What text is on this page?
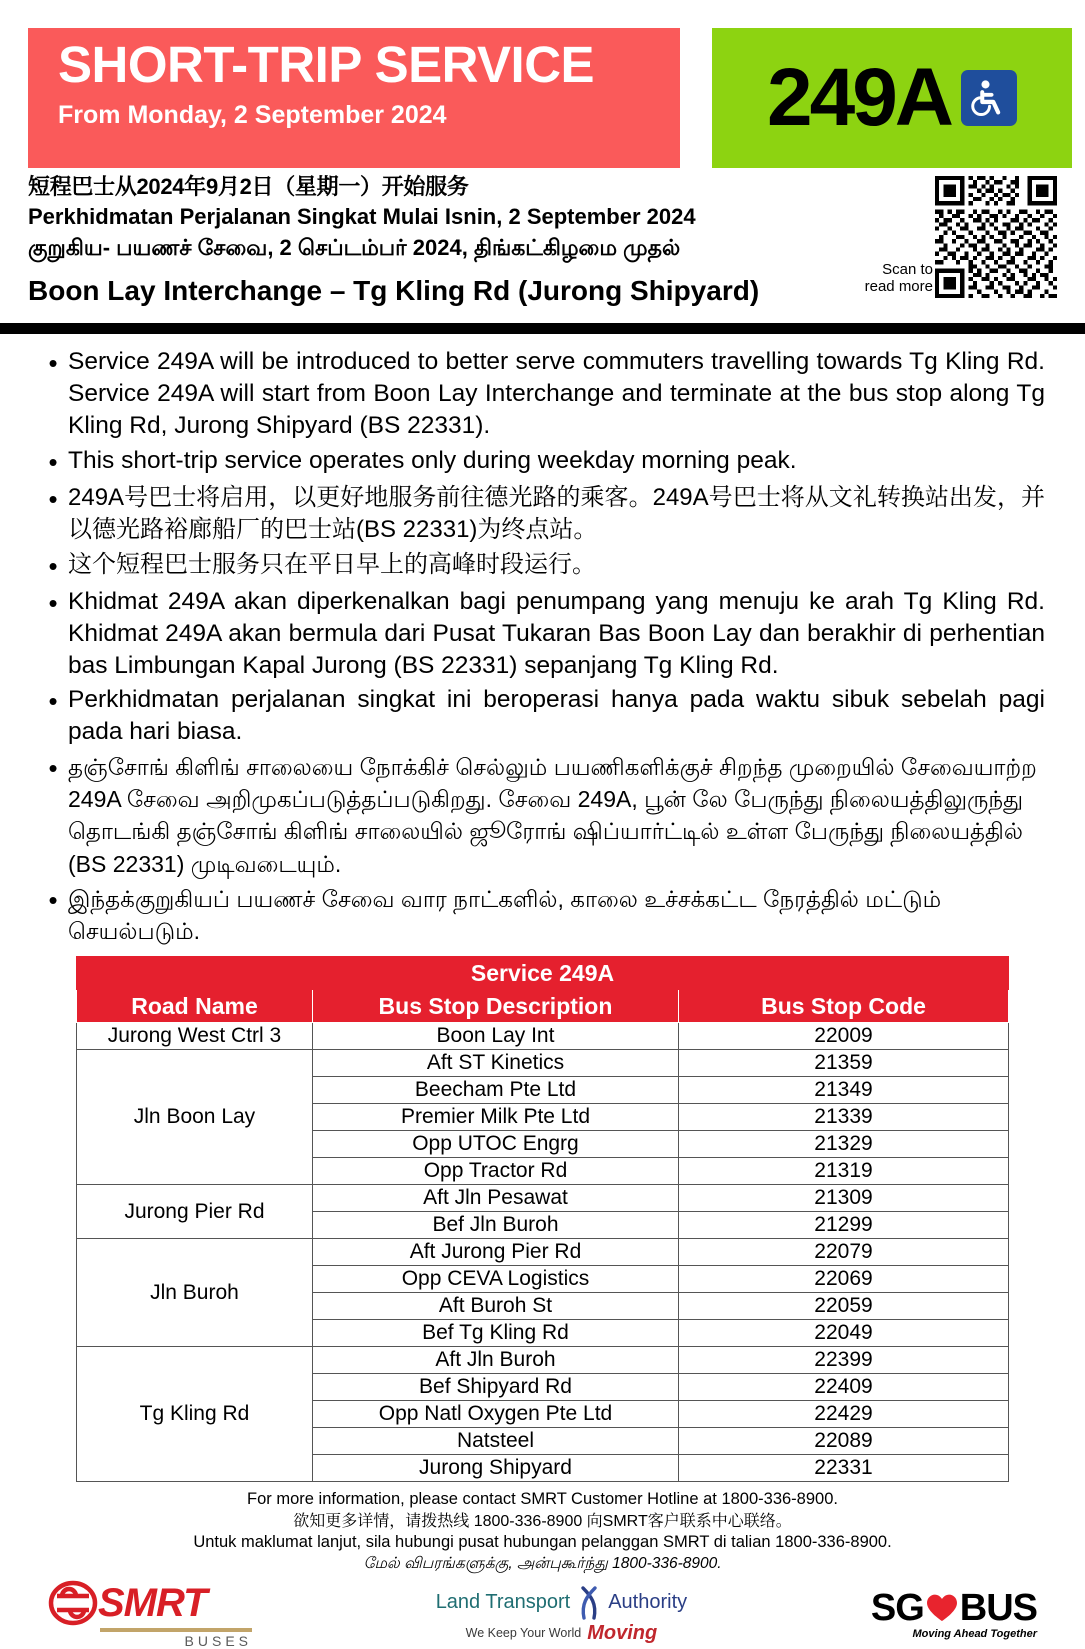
SHORT-TRIP SERVICE
From Monday, 2 September 2024	249A
短程巴士从2024年9月2日（星期一）开始服务
Perkhidmatan Perjalanan Singkat Mulai Isnin, 2 September 2024
குறுகிய- பயணச் சேவை, 2 செப்டம்பர் 2024, திங்கட்கிழமை முதல்
Boon Lay Interchange – Tg Kling Rd (Jurong Shipyard)
Scan to
read more
• Service 249A will be introduced to better serve commuters travelling towards Tg Kling Rd. Service 249A will start from Boon Lay Interchange and terminate at the bus stop along Tg Kling Rd, Jurong Shipyard (BS 22331).
• This short-trip service operates only during weekday morning peak.
• 249A号巴士将启用，以更好地服务前往德光路的乘客。249A号巴士将从文礼转换站出发，并以德光路裕廊船厂的巴士站(BS 22331)为终点站。
• 这个短程巴士服务只在平日早上的高峰时段运行。
• Khidmat 249A akan diperkenalkan bagi penumpang yang menuju ke arah Tg Kling Rd. Khidmat 249A akan bermula dari Pusat Tukaran Bas Boon Lay dan berakhir di perhentian bas Limbungan Kapal Jurong (BS 22331) sepanjang Tg Kling Rd.
• Perkhidmatan perjalanan singkat ini beroperasi hanya pada waktu sibuk sebelah pagi pada hari biasa.
• தஞ்சோங் கிளிங் சாலையை நோக்கிச் செல்லும் பயணிகளிக்குச் சிறந்த முறையில் சேவையாற்ற 249A சேவை அறிமுகப்படுத்தப்படுகிறது. சேவை 249A, பூன் லே பேருந்து நிலையத்திலுருந்து தொடங்கி தஞ்சோங் கிளிங் சாலையில் ஜூரோங் ஷிப்யார்ட்டில் உள்ள பேருந்து நிலையத்தில் (BS 22331) முடிவடையும்.
• இந்தக்குறுகியப் பயணச் சேவை வார நாட்களில், காலை உச்சக்கட்ட நேரத்தில் மட்டும் செயல்படும்.
Service 249A		
Road Name	Bus Stop Description	Bus Stop Code
Jurong West Ctrl 3	Boon Lay Int	22009
Jln Boon Lay	Aft ST Kinetics	21359
	Beecham Pte Ltd	21349
	Premier Milk Pte Ltd	21339
	Opp UTOC Engrg	21329
	Opp Tractor Rd	21319
Jurong Pier Rd	Aft Jln Pesawat	21309
	Bef Jln Buroh	21299
Jln Buroh	Aft Jurong Pier Rd	22079
	Opp CEVA Logistics	22069
	Aft Buroh St	22059
	Bef Tg Kling Rd	22049
Tg Kling Rd	Aft Jln Buroh	22399
	Bef Shipyard Rd	22409
	Opp Natl Oxygen Pte Ltd	22429
	Natsteel	22089
	Jurong Shipyard	22331
For more information, please contact SMRT Customer Hotline at 1800-336-8900.
欲知更多详情，请拨热线 1800-336-8900 向SMRT客户联系中心联络。
Untuk maklumat lanjut, sila hubungi pusat hubungan pelanggan SMRT di talian 1800-336-8900.
மேல் விபரங்களுக்கு, அன்புகூர்ந்து 1800-336-8900.
SMRT
BUSES
Land Transport Authority
We Keep Your World Moving
SG BUS
Moving Ahead Together
